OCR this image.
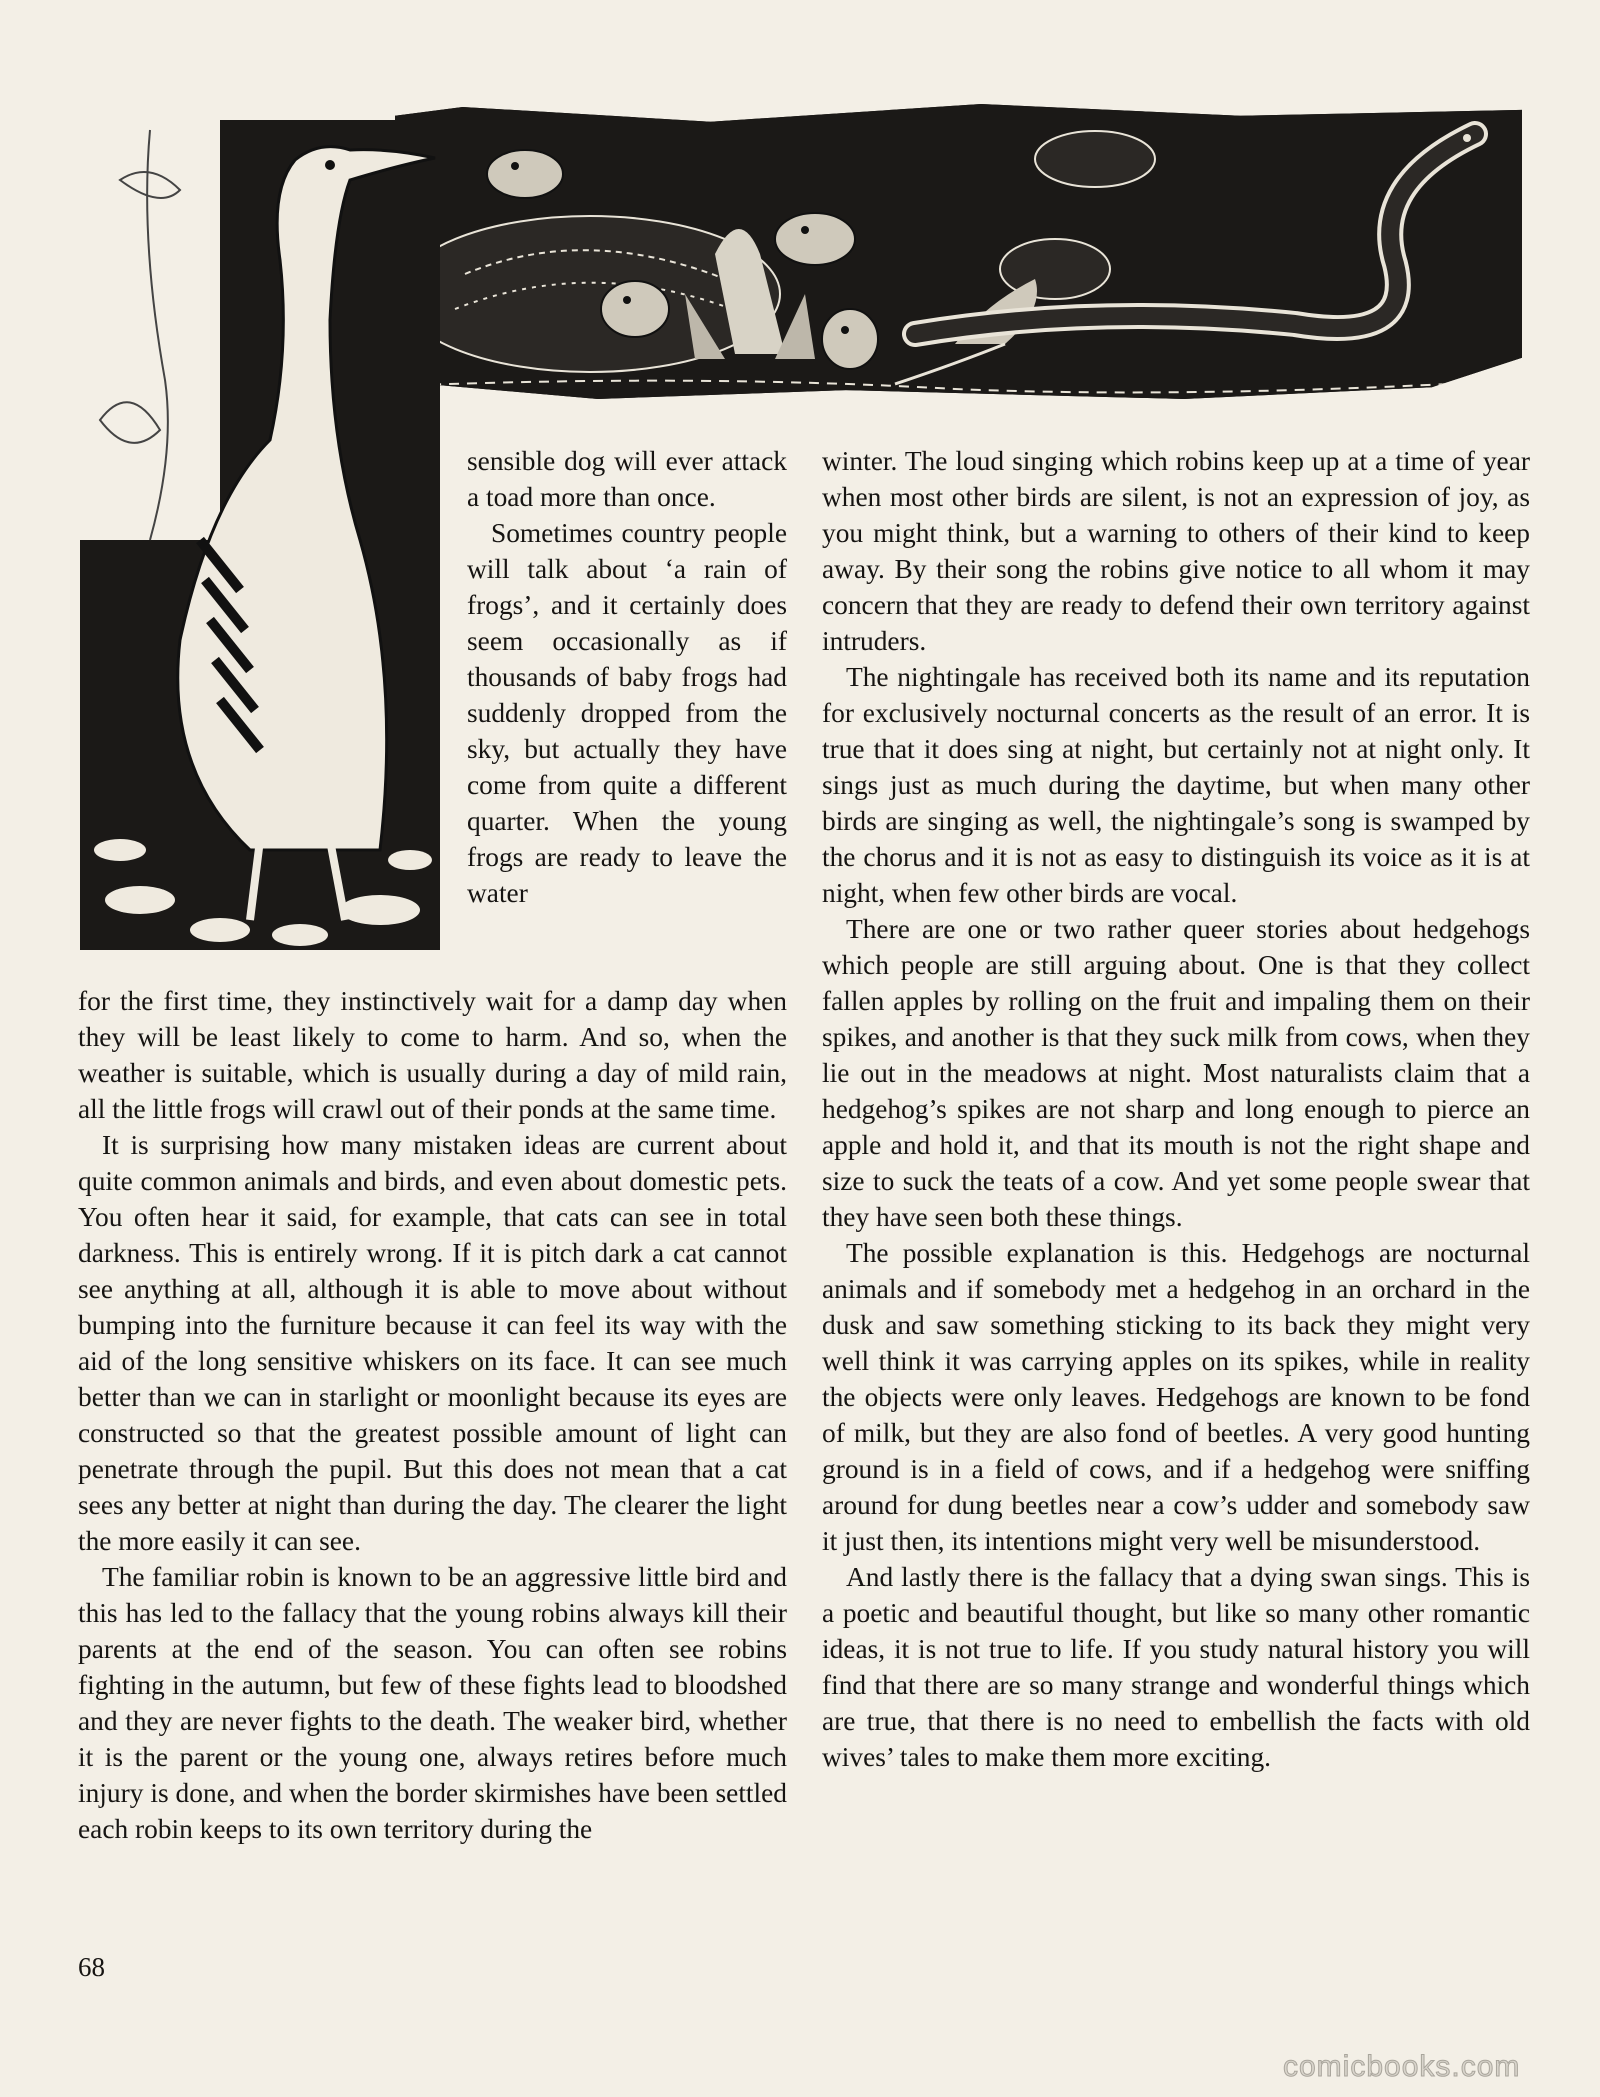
sensible dog will ever attack a toad more than once.

Sometimes country people will talk about ‘a rain of frogs’, and it certainly does seem occasionally as if thousands of baby frogs had suddenly dropped from the sky, but actually they have come from quite a different quarter. When the young frogs are ready to leave the water

for the first time, they instinctively wait for a damp day when they will be least likely to come to harm. And so, when the weather is suitable, which is usually during a day of mild rain, all the little frogs will crawl out of their ponds at the same time.

It is surprising how many mistaken ideas are current about quite common animals and birds, and even about domestic pets. You often hear it said, for example, that cats can see in total darkness. This is entirely wrong. If it is pitch dark a cat cannot see anything at all, although it is able to move about without bumping into the furniture because it can feel its way with the aid of the long sensitive whiskers on its face. It can see much better than we can in starlight or moonlight because its eyes are constructed so that the greatest possible amount of light can penetrate through the pupil. But this does not mean that a cat sees any better at night than during the day. The clearer the light the more easily it can see.

The familiar robin is known to be an aggressive little bird and this has led to the fallacy that the young robins always kill their parents at the end of the season. You can often see robins fighting in the autumn, but few of these fights lead to bloodshed and they are never fights to the death. The weaker bird, whether it is the parent or the young one, always retires before much injury is done, and when the border skirmishes have been settled each robin keeps to its own territory during the

winter. The loud singing which robins keep up at a time of year when most other birds are silent, is not an expression of joy, as you might think, but a warning to others of their kind to keep away. By their song the robins give notice to all whom it may concern that they are ready to defend their own territory against intruders.

The nightingale has received both its name and its reputation for exclusively nocturnal concerts as the result of an error. It is true that it does sing at night, but certainly not at night only. It sings just as much during the daytime, but when many other birds are singing as well, the nightingale’s song is swamped by the chorus and it is not as easy to distinguish its voice as it is at night, when few other birds are vocal.

There are one or two rather queer stories about hedgehogs which people are still arguing about. One is that they collect fallen apples by rolling on the fruit and impaling them on their spikes, and another is that they suck milk from cows, when they lie out in the meadows at night. Most naturalists claim that a hedgehog’s spikes are not sharp and long enough to pierce an apple and hold it, and that its mouth is not the right shape and size to suck the teats of a cow. And yet some people swear that they have seen both these things.

The possible explanation is this. Hedgehogs are nocturnal animals and if somebody met a hedgehog in an orchard in the dusk and saw something sticking to its back they might very well think it was carrying apples on its spikes, while in reality the objects were only leaves. Hedgehogs are known to be fond of milk, but they are also fond of beetles. A very good hunting ground is in a field of cows, and if a hedgehog were sniffing around for dung beetles near a cow’s udder and somebody saw it just then, its intentions might very well be misunderstood.

And lastly there is the fallacy that a dying swan sings. This is a poetic and beautiful thought, but like so many other romantic ideas, it is not true to life. If you study natural history you will find that there are so many strange and wonderful things which are true, that there is no need to embellish the facts with old wives’ tales to make them more exciting.

68
comicbooks.com
